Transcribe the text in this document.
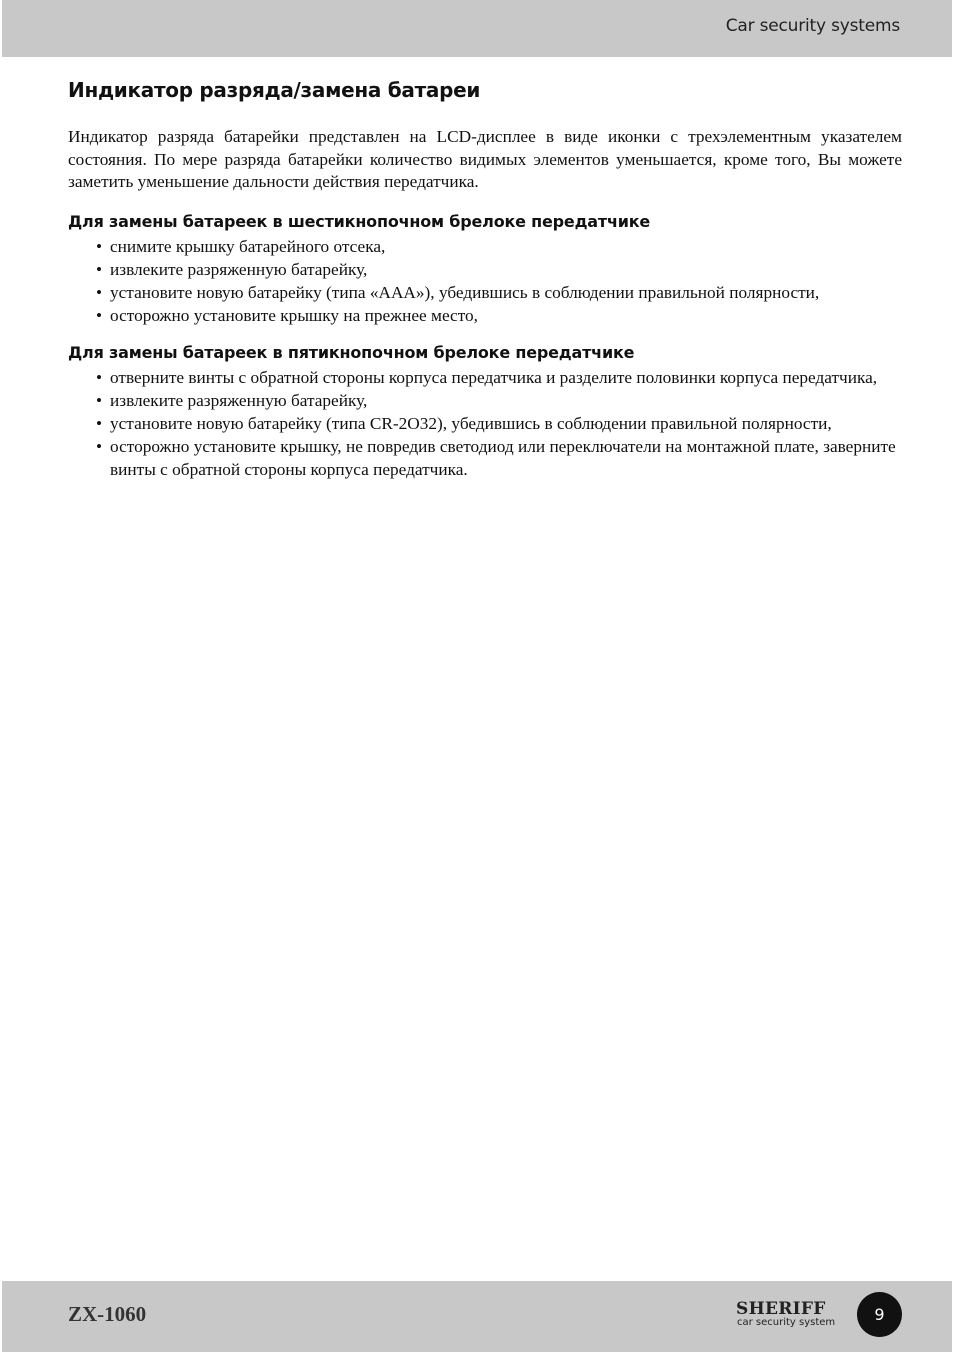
Car security systems
Индикатор разряда/замена батареи

Индикатор разряда батарейки представлен на LCD-дисплее в виде иконки с трехэлементным указателем состояния. По мере разряда батарейки количество видимых элементов уменьшается, кроме того, Вы можете заметить уменьшение дальности действия передатчика.

Для замены батареек в шестикнопочном брелоке передатчике
• снимите крышку батарейного отсека,
• извлеките разряженную батарейку,
• установите новую батарейку (типа «AAA»), убедившись в соблюдении правильной полярности,
• осторожно установите крышку на прежнее место,
Для замены батареек в пятикнопочном брелоке передатчике
• отверните винты с обратной стороны корпуса передатчика и разделите половинки корпуса передатчика,
• извлеките разряженную батарейку,
• установите новую батарейку (типа CR-2O32), убедившись в соблюдении правильной полярности,
• осторожно установите крышку, не повредив светодиод или переключатели на монтажной плате, заверните винты с обратной стороны корпуса передатчика.
ZX-1060	SHERIFF
car security system 9
